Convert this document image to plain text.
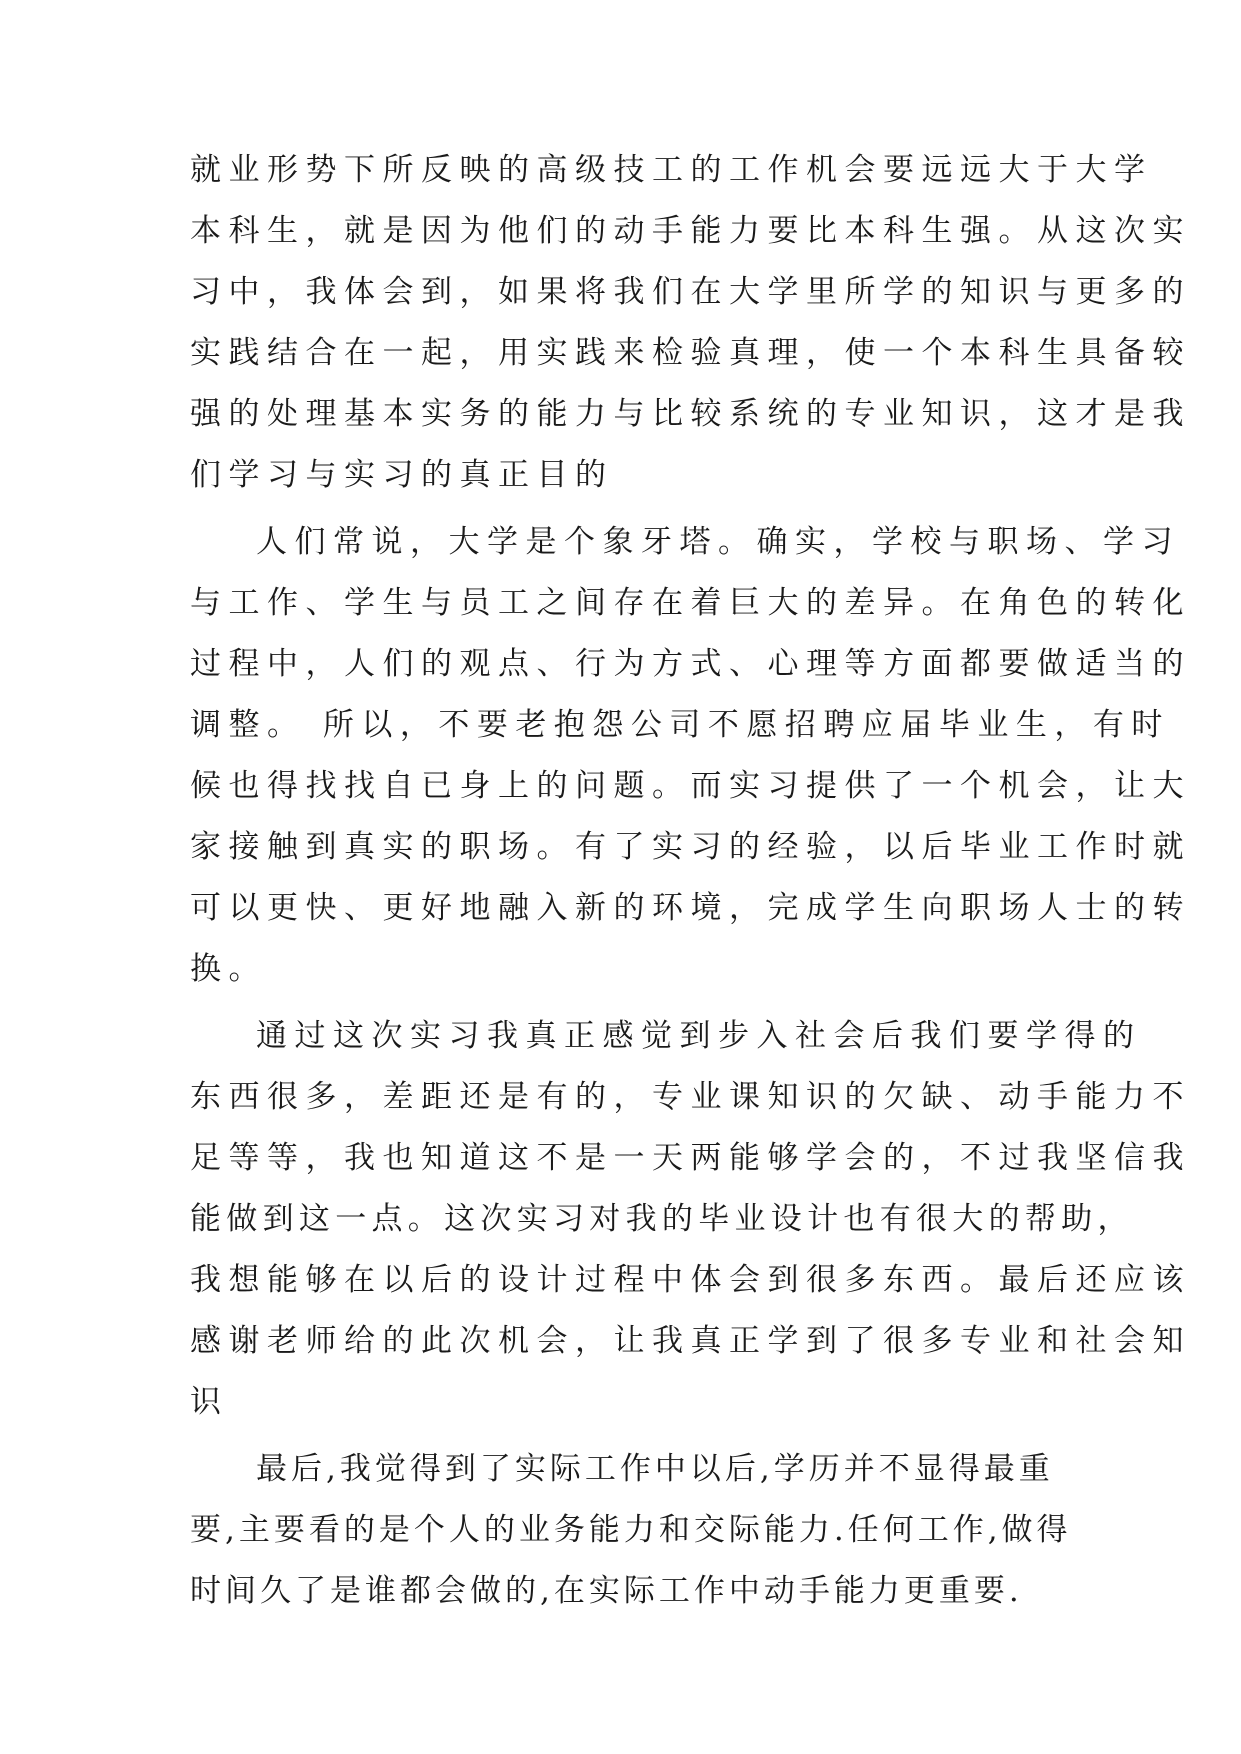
就业形势下所反映的高级技工的工作机会要远远大于大学
本科生，就是因为他们的动手能力要比本科生强。从这次实
习中，我体会到，如果将我们在大学里所学的知识与更多的
实践结合在一起，用实践来检验真理，使一个本科生具备较
强的处理基本实务的能力与比较系统的专业知识，这才是我
们学习与实习的真正目的
人们常说，大学是个象牙塔。确实，学校与职场、学习
与工作、学生与员工之间存在着巨大的差异。在角色的转化
过程中，人们的观点、行为方式、心理等方面都要做适当的
调整。 所以，不要老抱怨公司不愿招聘应届毕业生，有时
候也得找找自已身上的问题。而实习提供了一个机会，让大
家接触到真实的职场。有了实习的经验，以后毕业工作时就
可以更快、更好地融入新的环境，完成学生向职场人士的转
换。
通过这次实习我真正感觉到步入社会后我们要学得的
东西很多，差距还是有的，专业课知识的欠缺、动手能力不
足等等，我也知道这不是一天两能够学会的，不过我坚信我
能做到这一点。这次实习对我的毕业设计也有很大的帮助，
我想能够在以后的设计过程中体会到很多东西。最后还应该
感谢老师给的此次机会，让我真正学到了很多专业和社会知
识
最后,我觉得到了实际工作中以后,学历并不显得最重
要,主要看的是个人的业务能力和交际能力.任何工作,做得
时间久了是谁都会做的,在实际工作中动手能力更重要.
